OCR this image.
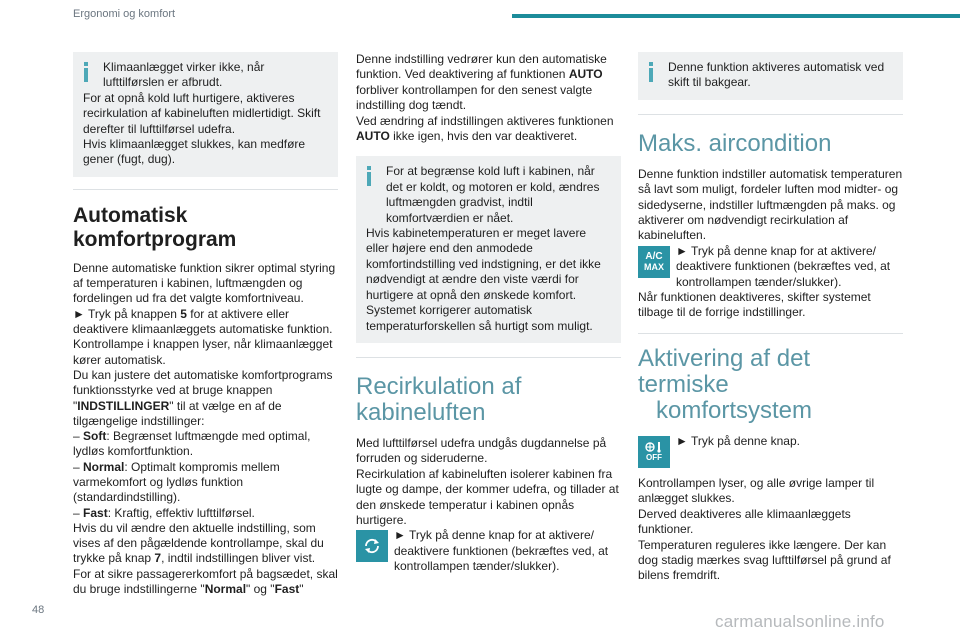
Ergonomi og komfort

Klimaanlægget virker ikke, når lufttilførslen er afbrudt.

For at opnå kold luft hurtigere, aktiveres recirkulation af kabineluften midlertidigt. Skift derefter til lufttilførsel udefra.

Hvis klimaanlægget slukkes, kan medføre gener (fugt, dug).

Automatisk komfortprogram

Denne automatiske funktion sikrer optimal styring af temperaturen i kabinen, luftmængden og fordelingen ud fra det valgte komfortniveau.

► Tryk på knappen 5 for at aktivere eller deaktivere klimaanlæggets automatiske funktion.

Kontrollampe i knappen lyser, når klimaanlægget kører automatisk.

Du kan justere det automatiske komfortprograms funktionsstyrke ved at bruge knappen "INDSTILLINGER" til at vælge en af de tilgængelige indstillinger:

– Soft: Begrænset luftmængde med optimal, lydløs komfortfunktion.

– Normal: Optimalt kompromis mellem varmekomfort og lydløs funktion (standardindstilling).

– Fast: Kraftig, effektiv lufttilførsel.

Hvis du vil ændre den aktuelle indstilling, som vises af den pågældende kontrollampe, skal du trykke på knap 7, indtil indstillingen bliver vist.

For at sikre passagererkomfort på bagsædet, skal du bruge indstillingerne "Normal" og "Fast"

Denne indstilling vedrører kun den automatiske funktion. Ved deaktivering af funktionen AUTO forbliver kontrollampen for den senest valgte indstilling dog tændt.

Ved ændring af indstillingen aktiveres funktionen AUTO ikke igen, hvis den var deaktiveret.

For at begrænse kold luft i kabinen, når det er koldt, og motoren er kold, ændres luftmængden gradvist, indtil komfortværdien er nået.

Hvis kabinetemperaturen er meget lavere eller højere end den anmodede komfortindstilling ved indstigning, er det ikke nødvendigt at ændre den viste værdi for hurtigere at opnå den ønskede komfort. Systemet korrigerer automatisk temperaturforskellen så hurtigt som muligt.

Recirkulation af
kabineluften

Med lufttilførsel udefra undgås dugdannelse på forruden og sideruderne.

Recirkulation af kabineluften isolerer kabinen fra lugte og dampe, der kommer udefra, og tillader at den ønskede temperatur i kabinen opnås hurtigere.

► Tryk på denne knap for at aktivere/ deaktivere funktionen (bekræftes ved, at kontrollampen tænder/slukker).

Denne funktion aktiveres automatisk ved skift til bakgear.

Maks. aircondition

Denne funktion indstiller automatisk temperaturen så lavt som muligt, fordeler luften mod midter- og sidedyserne, indstiller luftmængden på maks. og aktiverer om nødvendigt recirkulation af kabineluften.

A/C
MAX

► Tryk på denne knap for at aktivere/ deaktivere funktionen (bekræftes ved, at kontrollampen tænder/slukker).

Når funktionen deaktiveres, skifter systemet tilbage til de forrige indstillinger.

Aktivering af det termiske
komfortsystem
OFF

► Tryk på denne knap.

Kontrollampen lyser, og alle øvrige lamper til anlægget slukkes.

Derved deaktiveres alle klimaanlæggets funktioner.

Temperaturen reguleres ikke længere. Der kan dog stadig mærkes svag lufttilførsel på grund af bilens fremdrift.

48
carmanualsonline.info
